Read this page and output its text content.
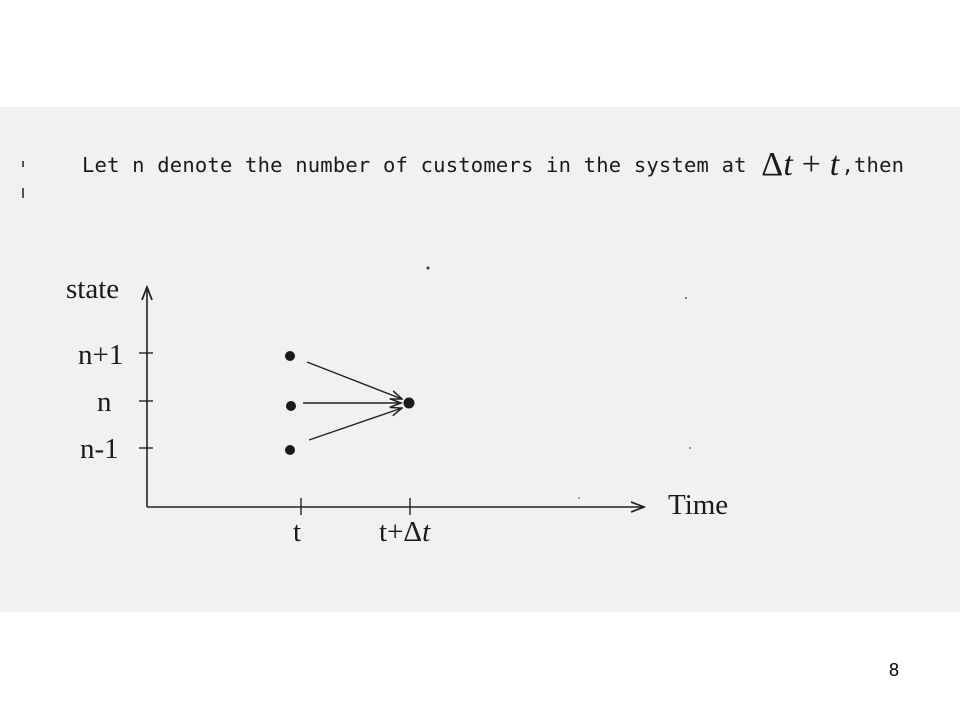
Let n denote the number of customers in the system at Δt + t,then
state
Time
n+1
n
n-1
t	t+Δt
8
